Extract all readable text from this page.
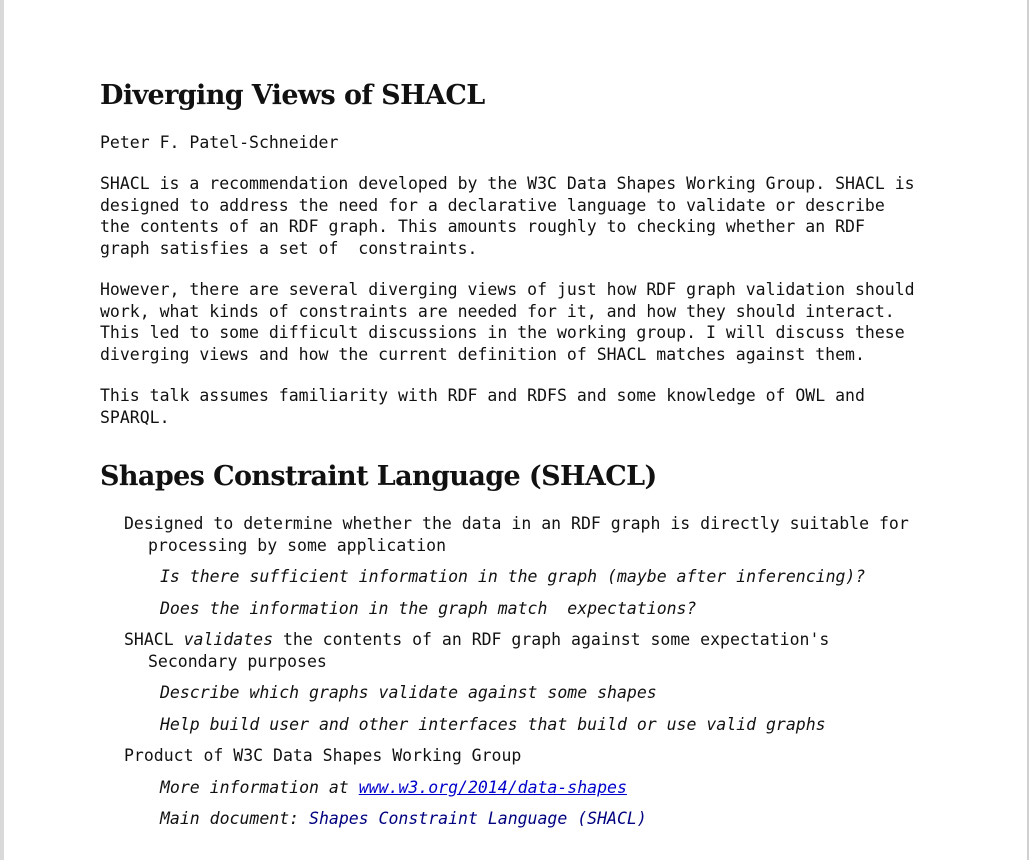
Diverging Views of SHACL

Peter F. Patel-Schneider

SHACL is a recommendation developed by the W3C Data Shapes Working Group. SHACL is
designed to address the need for a declarative language to validate or describe
the contents of an RDF graph. This amounts roughly to checking whether an RDF
graph satisfies a set of  constraints.

However, there are several diverging views of just how RDF graph validation should
work, what kinds of constraints are needed for it, and how they should interact.
This led to some difficult discussions in the working group. I will discuss these
diverging views and how the current definition of SHACL matches against them.

This talk assumes familiarity with RDF and RDFS and some knowledge of OWL and
SPARQL.

Shapes Constraint Language (SHACL)
Designed to determine whether the data in an RDF graph is directly suitable for
processing by some application
Is there sufficient information in the graph (maybe after inferencing)?
Does the information in the graph match  expectations?
SHACL validates the contents of an RDF graph against some expectation's
Secondary purposes
Describe which graphs validate against some shapes
Help build user and other interfaces that build or use valid graphs
Product of W3C Data Shapes Working Group
More information at www.w3.org/2014/data-shapes
Main document: Shapes Constraint Language (SHACL)
